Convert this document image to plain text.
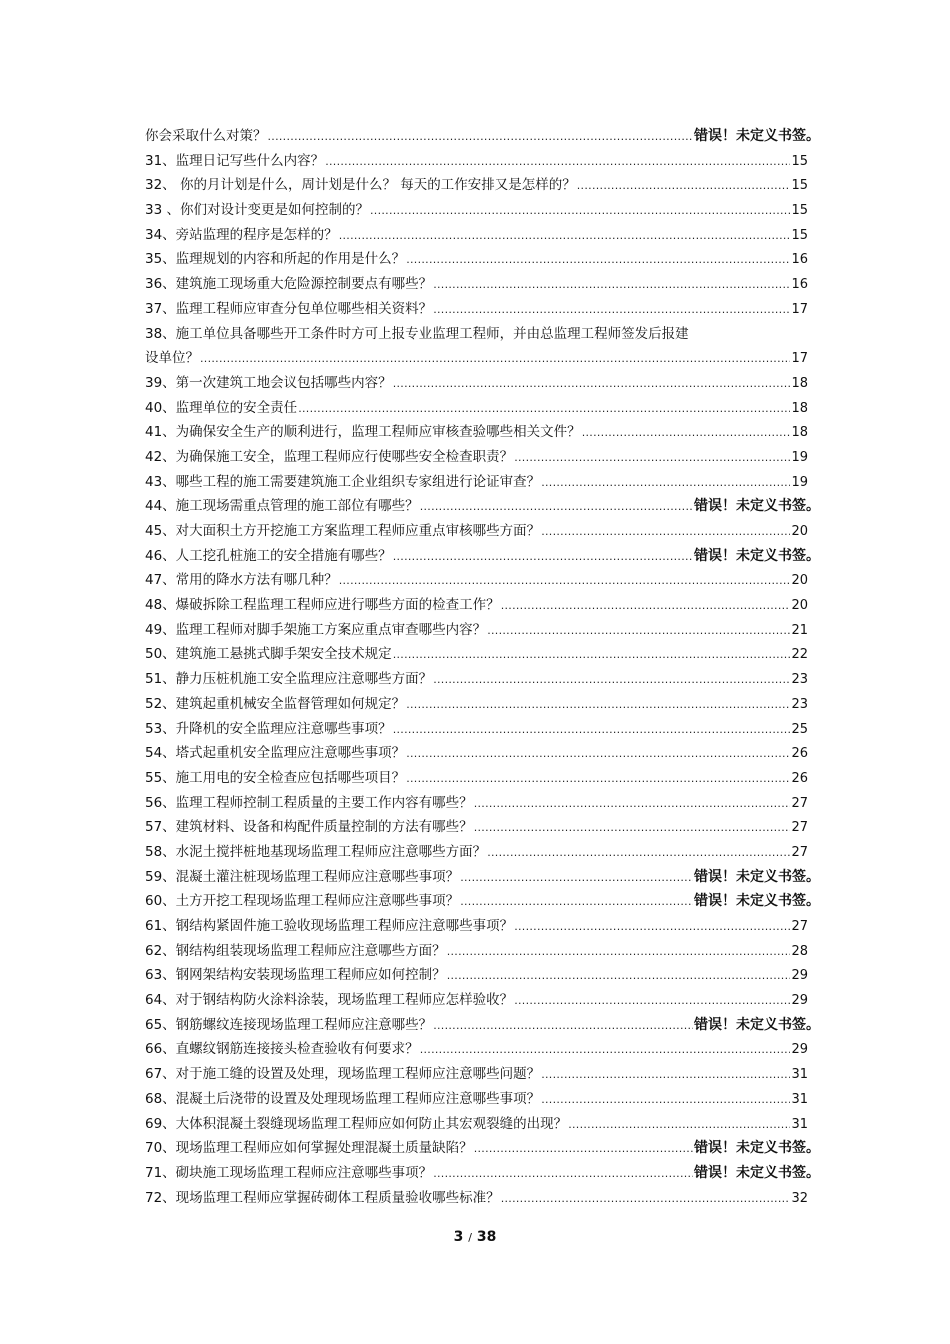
你会采取什么对策？ .....	错误！未定义书签。
31、监理日记写些什么内容？ .....	15
32、 你的月计划是什么，周计划是什么？ 每天的工作安排又是怎样的？ .....	15
33 、你们对设计变更是如何控制的？ .....	15
34、旁站监理的程序是怎样的？ .....	15
35、监理规划的内容和所起的作用是什么？ .....	16
36、建筑施工现场重大危险源控制要点有哪些？ .....	16
37、监理工程师应审查分包单位哪些相关资料？ .....	17
38、施工单位具备哪些开工条件时方可上报专业监理工程师，并由总监理工程师签发后报建
设单位？ .....	17
39、第一次建筑工地会议包括哪些内容？ .....	18
40、监理单位的安全责任 .....	18
41、为确保安全生产的顺利进行，监理工程师应审核查验哪些相关文件？ .....	18
42、为确保施工安全，监理工程师应行使哪些安全检查职责？ .....	19
43、哪些工程的施工需要建筑施工企业组织专家组进行论证审查？ .....	19
44、施工现场需重点管理的施工部位有哪些？ .....	错误！未定义书签。
45、对大面积土方开挖施工方案监理工程师应重点审核哪些方面？ .....	20
46、人工挖孔桩施工的安全措施有哪些？ .....	错误！未定义书签。
47、常用的降水方法有哪几种？ .....	20
48、爆破拆除工程监理工程师应进行哪些方面的检查工作？ .....	20
49、监理工程师对脚手架施工方案应重点审查哪些内容？ .....	21
50、建筑施工悬挑式脚手架安全技术规定 .....	22
51、静力压桩机施工安全监理应注意哪些方面？ .....	23
52、建筑起重机械安全监督管理如何规定？ .....	23
53、升降机的安全监理应注意哪些事项？ .....	25
54、塔式起重机安全监理应注意哪些事项？ .....	26
55、施工用电的安全检查应包括哪些项目？ .....	26
56、监理工程师控制工程质量的主要工作内容有哪些？ .....	27
57、建筑材料、设备和构配件质量控制的方法有哪些？ .....	27
58、水泥土搅拌桩地基现场监理工程师应注意哪些方面？ .....	27
59、混凝土灌注桩现场监理工程师应注意哪些事项？ .....	错误！未定义书签。
60、土方开挖工程现场监理工程师应注意哪些事项？ .....	错误！未定义书签。
61、钢结构紧固件施工验收现场监理工程师应注意哪些事项？ .....	27
62、钢结构组装现场监理工程师应注意哪些方面？ .....	28
63、钢网架结构安装现场监理工程师应如何控制？ .....	29
64、对于钢结构防火涂料涂装，现场监理工程师应怎样验收？ .....	29
65、钢筋螺纹连接现场监理工程师应注意哪些？ .....	错误！未定义书签。
66、直螺纹钢筋连接接头检查验收有何要求？ .....	29
67、对于施工缝的设置及处理，现场监理工程师应注意哪些问题？ .....	31
68、混凝土后浇带的设置及处理现场监理工程师应注意哪些事项？ .....	31
69、大体积混凝土裂缝现场监理工程师应如何防止其宏观裂缝的出现？ .....	31
70、现场监理工程师应如何掌握处理混凝土质量缺陷？ .....	错误！未定义书签。
71、砌块施工现场监理工程师应注意哪些事项？ .....	错误！未定义书签。
72、现场监理工程师应掌握砖砌体工程质量验收哪些标准？ .....	32
3 / 38
